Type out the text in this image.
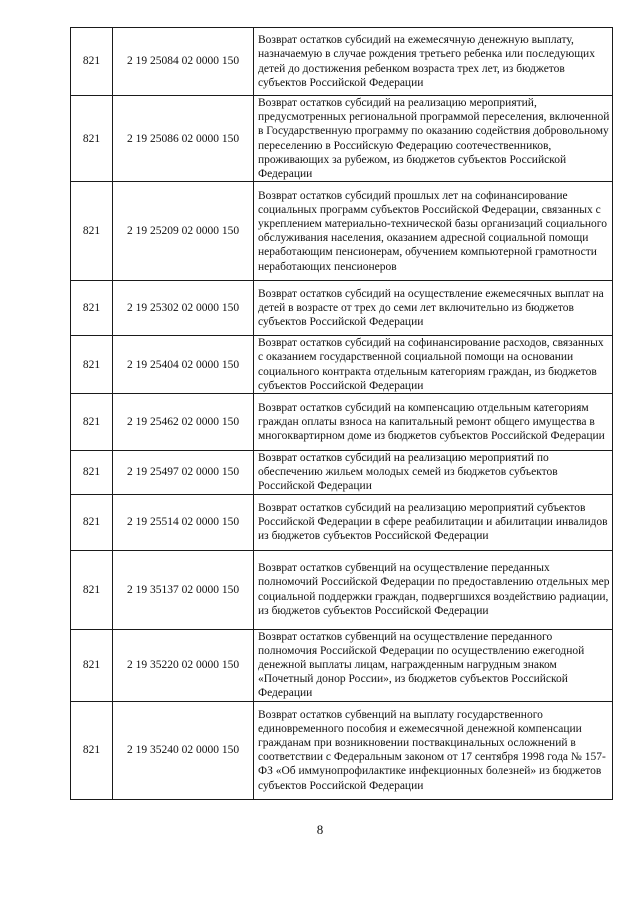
821	2 19 25084 02 0000 150	Возврат остатков субсидий на ежемесячную денежную выплату, назначаемую в случае рождения третьего ребенка или последующих детей до достижения ребенком возраста трех лет, из бюджетов субъектов Российской Федерации
821	2 19 25086 02 0000 150	Возврат остатков субсидий на реализацию мероприятий, предусмотренных региональной программой переселения, включенной в Государственную программу по оказанию содействия добровольному переселению в Российскую Федерацию соотечественников, проживающих за рубежом, из бюджетов субъектов Российской Федерации
821	2 19 25209 02 0000 150	Возврат остатков субсидий прошлых лет на софинансирование социальных программ субъектов Российской Федерации, связанных с укреплением материально-технической базы организаций социального обслуживания населения, оказанием адресной социальной помощи неработающим пенсионерам, обучением компьютерной грамотности неработающих пенсионеров
821	2 19 25302 02 0000 150	Возврат остатков субсидий на осуществление ежемесячных выплат на детей в возрасте от трех до семи лет включительно из бюджетов субъектов Российской Федерации
821	2 19 25404 02 0000 150	Возврат остатков субсидий на софинансирование расходов, связанных с оказанием государственной социальной помощи на основании социального контракта отдельным категориям граждан, из бюджетов субъектов Российской Федерации
821	2 19 25462 02 0000 150	Возврат остатков субсидий на компенсацию отдельным категориям граждан оплаты взноса на капитальный ремонт общего имущества в многоквартирном доме из бюджетов субъектов Российской Федерации
821	2 19 25497 02 0000 150	Возврат остатков субсидий на реализацию мероприятий по обеспечению жильем молодых семей из бюджетов субъектов Российской Федерации
821	2 19 25514 02 0000 150	Возврат остатков субсидий на реализацию мероприятий субъектов Российской Федерации в сфере реабилитации и абилитации инвалидов из бюджетов субъектов Российской Федерации
821	2 19 35137 02 0000 150	Возврат остатков субвенций на осуществление переданных полномочий Российской Федерации по предоставлению отдельных мер социальной поддержки граждан, подвергшихся воздействию радиации, из бюджетов субъектов Российской Федерации
821	2 19 35220 02 0000 150	Возврат остатков субвенций на осуществление переданного полномочия Российской Федерации по осуществлению ежегодной денежной выплаты лицам, награжденным нагрудным знаком «Почетный донор России», из бюджетов субъектов Российской Федерации
821	2 19 35240 02 0000 150	Возврат остатков субвенций на выплату государственного единовременного пособия и ежемесячной денежной компенсации гражданам при возникновении поствакцинальных осложнений в соответствии с Федеральным законом от 17 сентября 1998 года № 157-ФЗ «Об иммунопрофилактике инфекционных болезней» из бюджетов субъектов Российской Федерации
8
